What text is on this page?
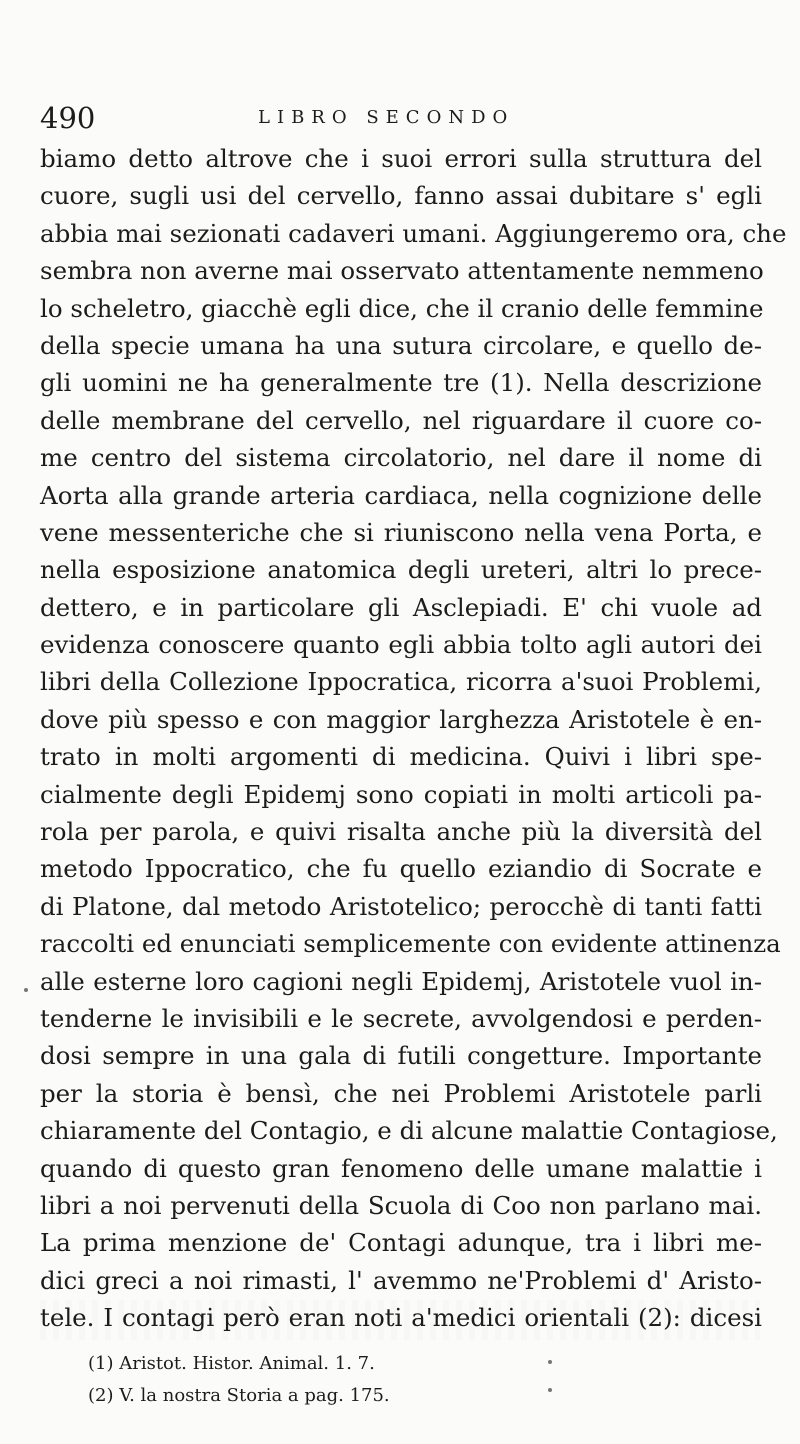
490	LIBRO SECONDO
biamo detto altrove che i suoi errori sulla struttura del
cuore, sugli usi del cervello, fanno assai dubitare s' egli
abbia mai sezionati cadaveri umani. Aggiungeremo ora, che
sembra non averne mai osservato attentamente nemmeno
lo scheletro, giacchè egli dice, che il cranio delle femmine
della specie umana ha una sutura circolare, e quello de-
gli uomini ne ha generalmente tre (1). Nella descrizione
delle membrane del cervello, nel riguardare il cuore co-
me centro del sistema circolatorio, nel dare il nome di
Aorta alla grande arteria cardiaca, nella cognizione delle
vene messenteriche che si riuniscono nella vena Porta, e
nella esposizione anatomica degli ureteri, altri lo prece-
dettero, e in particolare gli Asclepiadi. E' chi vuole ad
evidenza conoscere quanto egli abbia tolto agli autori dei
libri della Collezione Ippocratica, ricorra a'suoi Problemi,
dove più spesso e con maggior larghezza Aristotele è en-
trato in molti argomenti di medicina. Quivi i libri spe-
cialmente degli Epidemj sono copiati in molti articoli pa-
rola per parola, e quivi risalta anche più la diversità del
metodo Ippocratico, che fu quello eziandio di Socrate e
di Platone, dal metodo Aristotelico; perocchè di tanti fatti
raccolti ed enunciati semplicemente con evidente attinenza
alle esterne loro cagioni negli Epidemj, Aristotele vuol in-
tenderne le invisibili e le secrete, avvolgendosi e perden-
dosi sempre in una gala di futili congetture. Importante
per la storia è bensì, che nei Problemi Aristotele parli
chiaramente del Contagio, e di alcune malattie Contagiose,
quando di questo gran fenomeno delle umane malattie i
libri a noi pervenuti della Scuola di Coo non parlano mai.
La prima menzione de' Contagi adunque, tra i libri me-
dici greci a noi rimasti, l' avemmo ne'Problemi d' Aristo-
tele. I contagi però eran noti a'medici orientali (2): dicesi
(1) Aristot. Histor. Animal. 1. 7.
(2) V. la nostra Storia a pag. 175.
